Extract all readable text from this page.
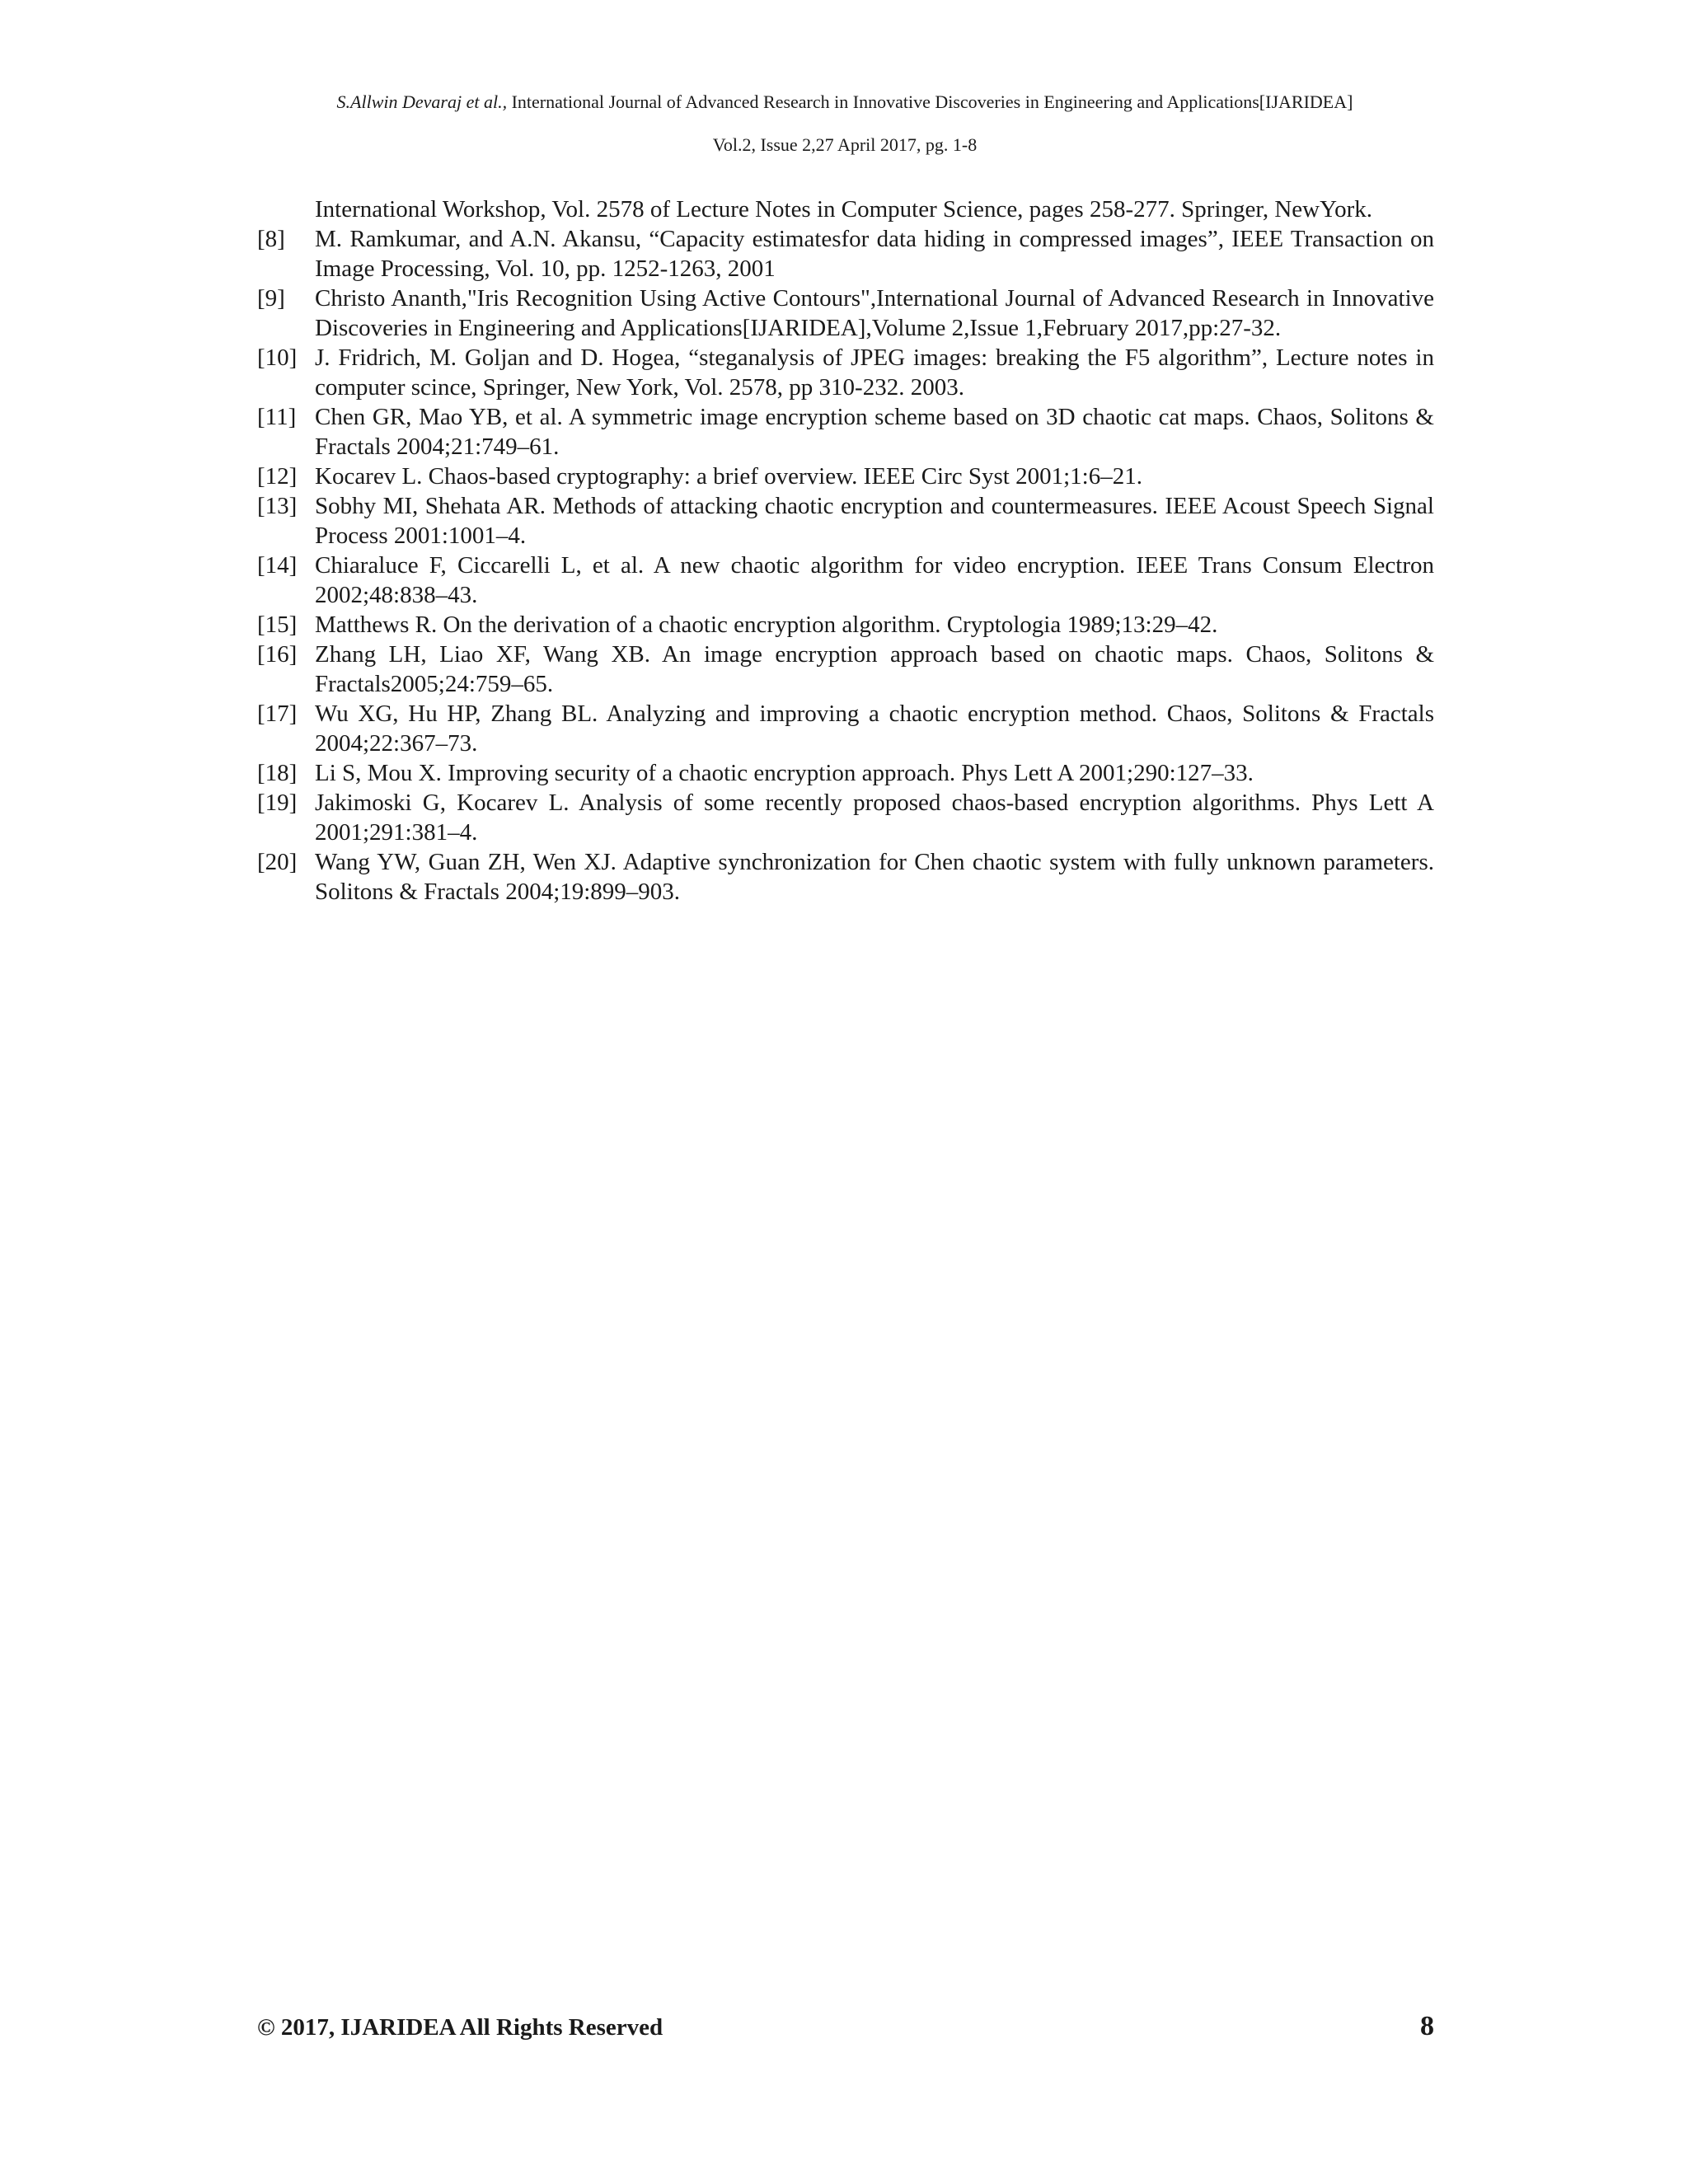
S.Allwin Devaraj et al., International Journal of Advanced Research in Innovative Discoveries in Engineering and Applications[IJARIDEA]
Vol.2, Issue 2,27 April 2017, pg. 1-8
International Workshop, Vol. 2578 of Lecture Notes in Computer Science, pages 258-277. Springer, NewYork.
[8] M. Ramkumar, and A.N. Akansu, “Capacity estimatesfor data hiding in compressed images”, IEEE Transaction on Image Processing, Vol. 10, pp. 1252-1263, 2001
[9] Christo Ananth,"Iris Recognition Using Active Contours",International Journal of Advanced Research in Innovative Discoveries in Engineering and Applications[IJARIDEA],Volume 2,Issue 1,February 2017,pp:27-32.
[10] J. Fridrich, M. Goljan and D. Hogea, “steganalysis of JPEG images: breaking the F5 algorithm”, Lecture notes in computer scince, Springer, New York, Vol. 2578, pp 310-232. 2003.
[11] Chen GR, Mao YB, et al. A symmetric image encryption scheme based on 3D chaotic cat maps. Chaos, Solitons & Fractals 2004;21:749–61.
[12] Kocarev L. Chaos-based cryptography: a brief overview. IEEE Circ Syst 2001;1:6–21.
[13] Sobhy MI, Shehata AR. Methods of attacking chaotic encryption and countermeasures. IEEE Acoust Speech Signal Process 2001:1001–4.
[14] Chiaraluce F, Ciccarelli L, et al. A new chaotic algorithm for video encryption. IEEE Trans Consum Electron 2002;48:838–43.
[15] Matthews R. On the derivation of a chaotic encryption algorithm. Cryptologia 1989;13:29–42.
[16] Zhang LH, Liao XF, Wang XB. An image encryption approach based on chaotic maps. Chaos, Solitons & Fractals2005;24:759–65.
[17] Wu XG, Hu HP, Zhang BL. Analyzing and improving a chaotic encryption method. Chaos, Solitons & Fractals 2004;22:367–73.
[18] Li S, Mou X. Improving security of a chaotic encryption approach. Phys Lett A 2001;290:127–33.
[19] Jakimoski G, Kocarev L. Analysis of some recently proposed chaos-based encryption algorithms. Phys Lett A 2001;291:381–4.
[20] Wang YW, Guan ZH, Wen XJ. Adaptive synchronization for Chen chaotic system with fully unknown parameters. Solitons & Fractals 2004;19:899–903.
© 2017, IJARIDEA All Rights Reserved	8
